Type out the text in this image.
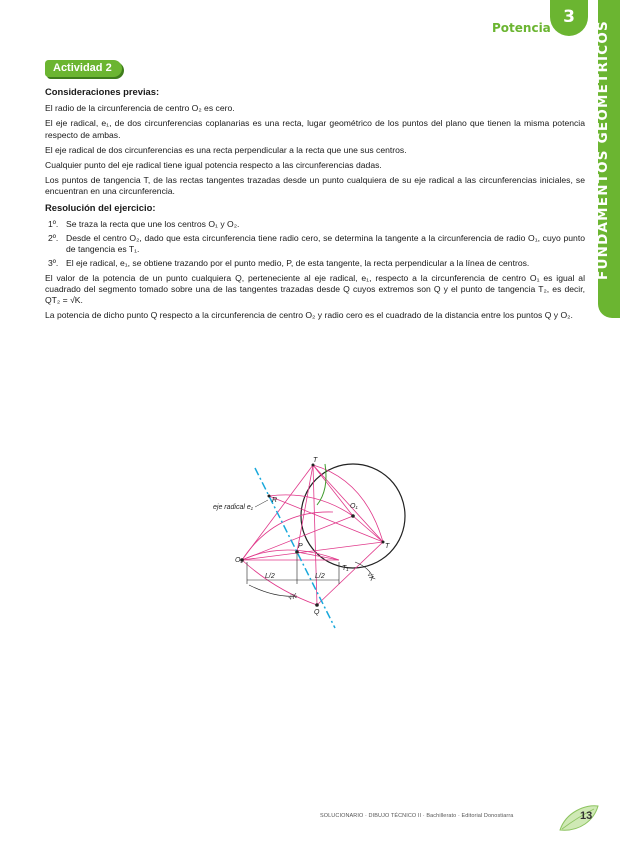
Potencia
3
FUNDAMENTOS GEOMÉTRICOS
Actividad 2
Consideraciones previas:

El radio de la circunferencia de centro O₂ es cero.

El eje radical, e₁, de dos circunferencias coplanarias es una recta, lugar geométrico de los puntos del plano que tienen la misma potencia respecto de ambas.

El eje radical de dos circunferencias es una recta perpendicular a la recta que une sus centros.

Cualquier punto del eje radical tiene igual potencia respecto a las circunferencias dadas.

Los puntos de tangencia T, de las rectas tangentes trazadas desde un punto cualquiera de su eje radical a las circunferencias iniciales, se encuentran en una circunferencia.

Resolución del ejercicio:
1º. Se traza la recta que une los centros O₁ y O₂.
2º. Desde el centro O₂, dado que esta circunferencia tiene radio cero, se determina la tangente a la circunferencia de radio O₁, cuyo punto de tangencia es T₁.
3º. El eje radical, e₁, se obtiene trazando por el punto medio, P, de esta tangente, la recta perpendicular a la línea de centros.

El valor de la potencia de un punto cualquiera Q, perteneciente al eje radical, e₁, respecto a la circunferencia de centro O₁ es igual al cuadrado del segmento tomado sobre una de las tangentes trazadas desde Q cuyos extremos son Q y el punto de tangencia T₂, es decir, QT₂ = √K.

La potencia de dicho punto Q respecto a la circunferencia de centro O₂ y radio cero es el cuadrado de la distancia entre los puntos Q y O₂.

eje radical e₁
R
O₁
O₂
P
Q
T
T₁
T
L/2	L/2
√K
√K
SOLUCIONARIO · DIBUJO TÉCNICO II · Bachillerato · Editorial Donostiarra	13
